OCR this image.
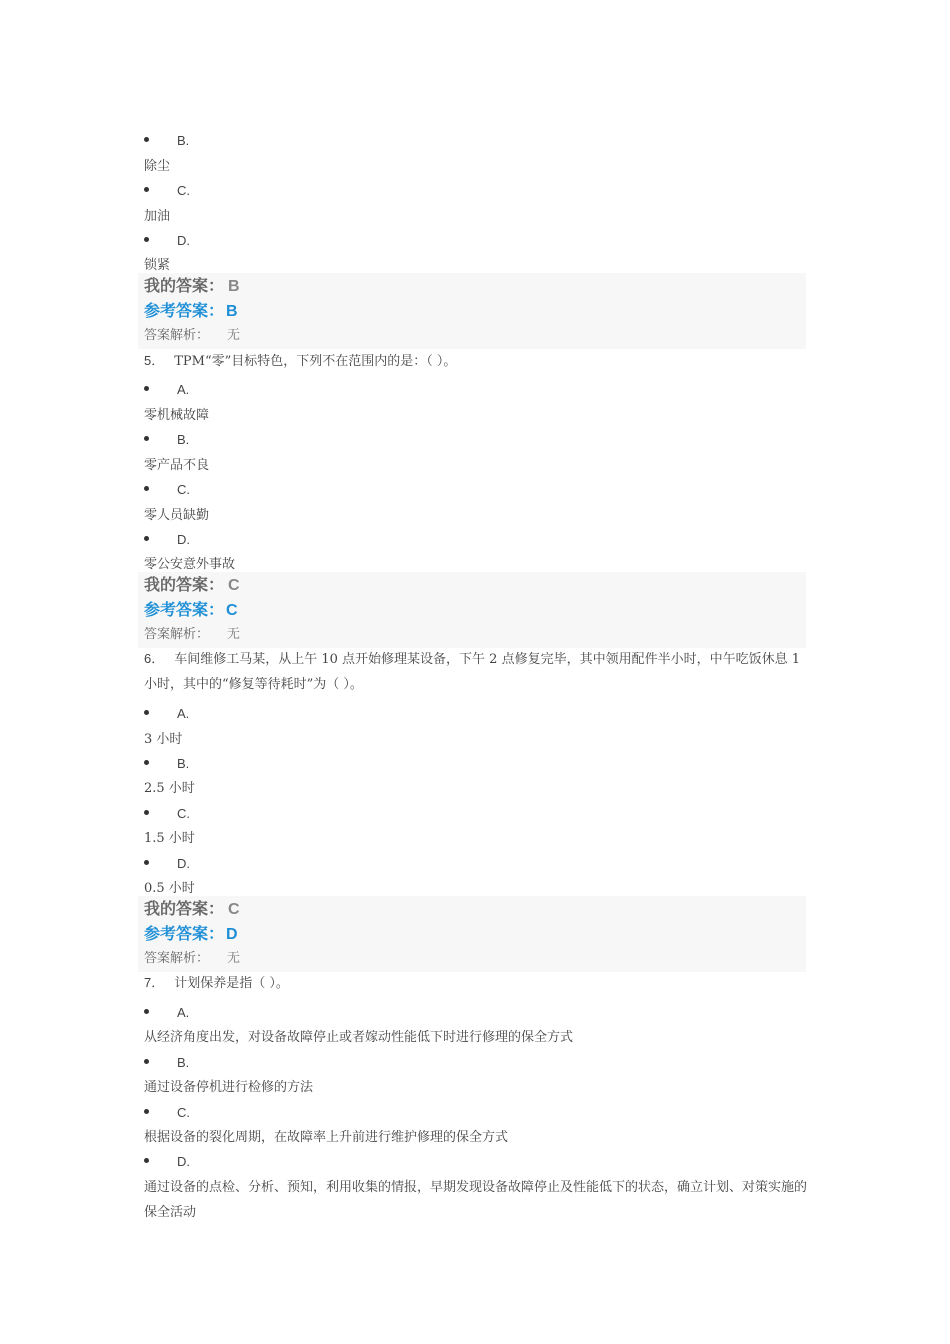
B.
除尘
C.
加油
D.
锁紧
我的答案： B
参考答案： B
答案解析： 无
5． TPM“零”目标特色，下列不在范围内的是：（ ）。
A.
零机械故障
B.
零产品不良
C.
零人员缺勤
D.
零公安意外事故
我的答案： C
参考答案： C
答案解析： 无
6． 车间维修工马某，从上午 10 点开始修理某设备，下午 2 点修复完毕，其中领用配件半小时，中午吃饭休息 1 小时，其中的“修复等待耗时”为（ ）。
A.
3 小时
B.
2.5 小时
C.
1.5 小时
D.
0.5 小时
我的答案： C
参考答案： D
答案解析： 无
7． 计划保养是指（ ）。
A.
从经济角度出发，对设备故障停止或者嫁动性能低下时进行修理的保全方式
B.
通过设备停机进行检修的方法
C.
根据设备的裂化周期，在故障率上升前进行维护修理的保全方式
D.
通过设备的点检、分析、预知，利用收集的情报，早期发现设备故障停止及性能低下的状态，确立计划、对策实施的保全活动
